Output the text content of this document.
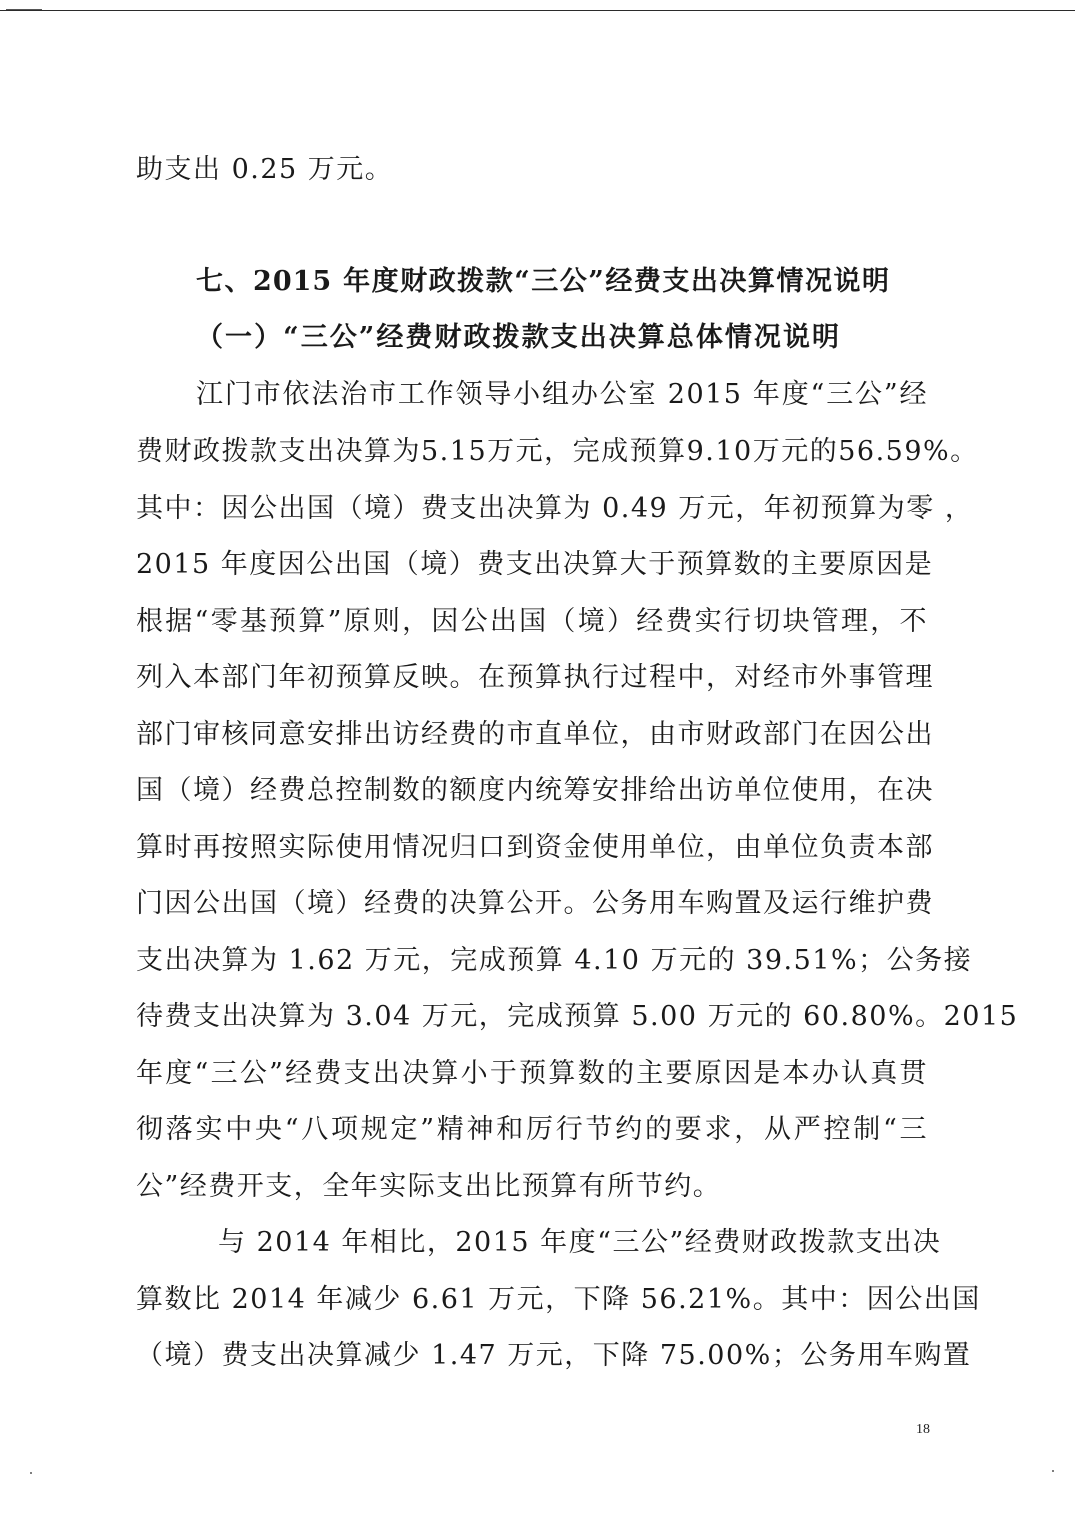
助支出 0.25 万元。
七、2015 年度财政拨款“三公”经费支出决算情况说明
（一）“三公”经费财政拨款支出决算总体情况说明
江门市依法治市工作领导小组办公室 2015 年度“三公”经
费财政拨款支出决算为5.15万元，完成预算9.10万元的56.59%。
其中：因公出国（境）费支出决算为 0.49 万元，年初预算为零 ，
2015 年度因公出国（境）费支出决算大于预算数的主要原因是
根据“零基预算”原则，因公出国（境）经费实行切块管理，不
列入本部门年初预算反映。在预算执行过程中，对经市外事管理
部门审核同意安排出访经费的市直单位，由市财政部门在因公出
国（境）经费总控制数的额度内统筹安排给出访单位使用，在决
算时再按照实际使用情况归口到资金使用单位，由单位负责本部
门因公出国（境）经费的决算公开。公务用车购置及运行维护费
支出决算为 1.62 万元，完成预算 4.10 万元的 39.51%；公务接
待费支出决算为 3.04 万元，完成预算 5.00 万元的 60.80%。2015
年度“三公”经费支出决算小于预算数的主要原因是本办认真贯
彻落实中央“八项规定”精神和厉行节约的要求，从严控制“三
公”经费开支，全年实际支出比预算有所节约。
与 2014 年相比，2015 年度“三公”经费财政拨款支出决
算数比 2014 年减少 6.61 万元，下降 56.21%。其中：因公出国
（境）费支出决算减少 1.47 万元，下降 75.00%；公务用车购置
18
